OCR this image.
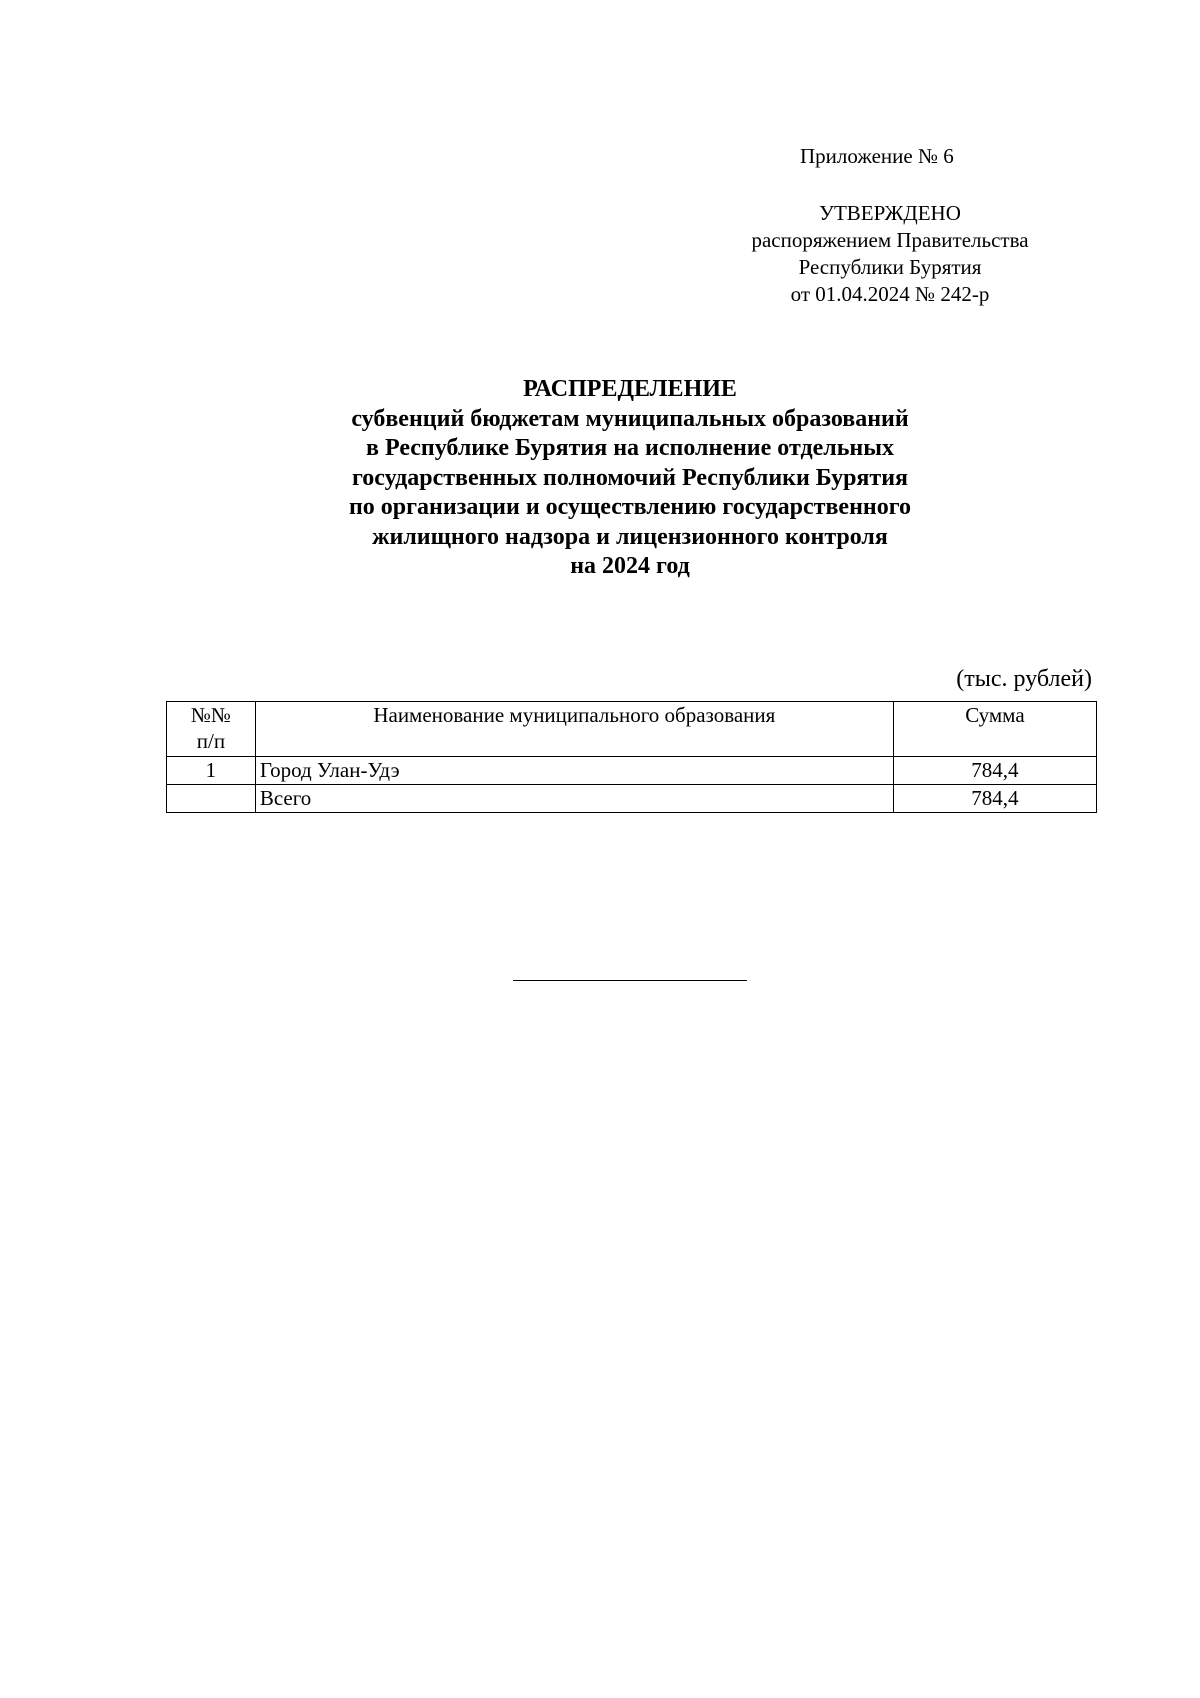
Приложение № 6
УТВЕРЖДЕНО
распоряжением Правительства
Республики Бурятия
от 01.04.2024 № 242-р
РАСПРЕДЕЛЕНИЕ
субвенций бюджетам муниципальных образований
в Республике Бурятия на исполнение отдельных
государственных полномочий Республики Бурятия
по организации и осуществлению государственного
жилищного надзора и лицензионного контроля
на 2024 год
(тыс. рублей)
№№
п/п	Наименование муниципального образования	Сумма
1	Город Улан-Удэ	784,4
	Всего	784,4
